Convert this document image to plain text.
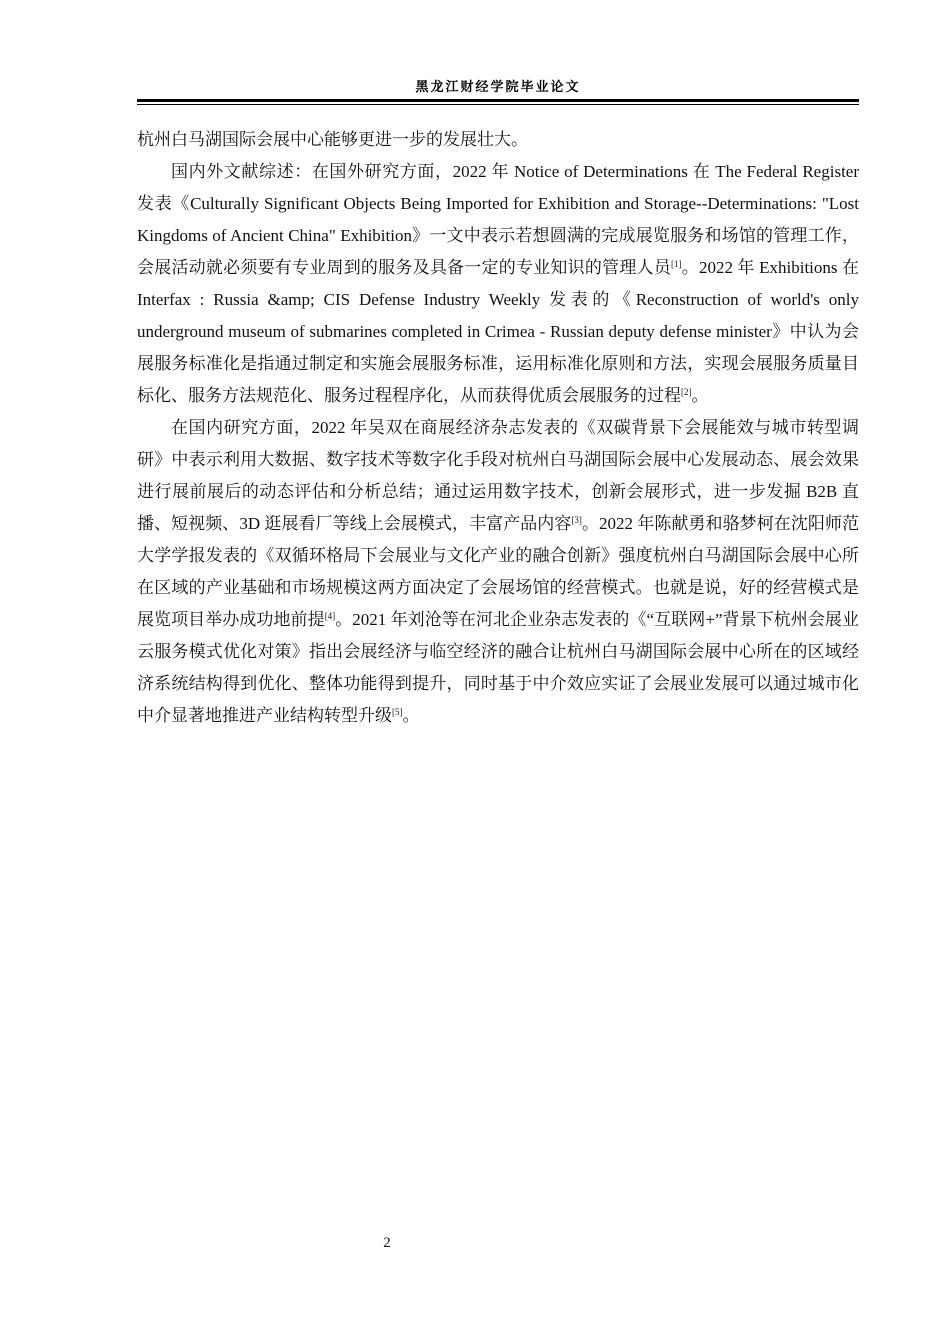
黑龙江财经学院毕业论文

杭州白马湖国际会展中心能够更进一步的发展壮大。

国内外文献综述：在国外研究方面，2022 年 Notice of Determinations 在 The Federal Register 发表《Culturally Significant Objects Being Imported for Exhibition and Storage--Determinations: "Lost Kingdoms of Ancient China" Exhibition》一文中表示若想圆满的完成展览服务和场馆的管理工作，会展活动就必须要有专业周到的服务及具备一定的专业知识的管理人员[1]。2022 年 Exhibitions 在 Interfax : Russia &amp; CIS Defense Industry Weekly 发表的《Reconstruction of world's only underground museum of submarines completed in Crimea - Russian deputy defense minister》中认为会展服务标准化是指通过制定和实施会展服务标准，运用标准化原则和方法，实现会展服务质量目标化、服务方法规范化、服务过程程序化，从而获得优质会展服务的过程[2]。

在国内研究方面，2022 年吴双在商展经济杂志发表的《双碳背景下会展能效与城市转型调研》中表示利用大数据、数字技术等数字化手段对杭州白马湖国际会展中心发展动态、展会效果进行展前展后的动态评估和分析总结；通过运用数字技术，创新会展形式，进一步发掘 B2B 直播、短视频、3D 逛展看厂等线上会展模式，丰富产品内容[3]。2022 年陈献勇和骆梦柯在沈阳师范大学学报发表的《双循环格局下会展业与文化产业的融合创新》强度杭州白马湖国际会展中心所在区域的产业基础和市场规模这两方面决定了会展场馆的经营模式。也就是说，好的经营模式是展览项目举办成功地前提[4]。2021 年刘沧等在河北企业杂志发表的《“互联网+”背景下杭州会展业云服务模式优化对策》指出会展经济与临空经济的融合让杭州白马湖国际会展中心所在的区域经济系统结构得到优化、整体功能得到提升，同时基于中介效应实证了会展业发展可以通过城市化中介显著地推进产业结构转型升级[5]。

2
